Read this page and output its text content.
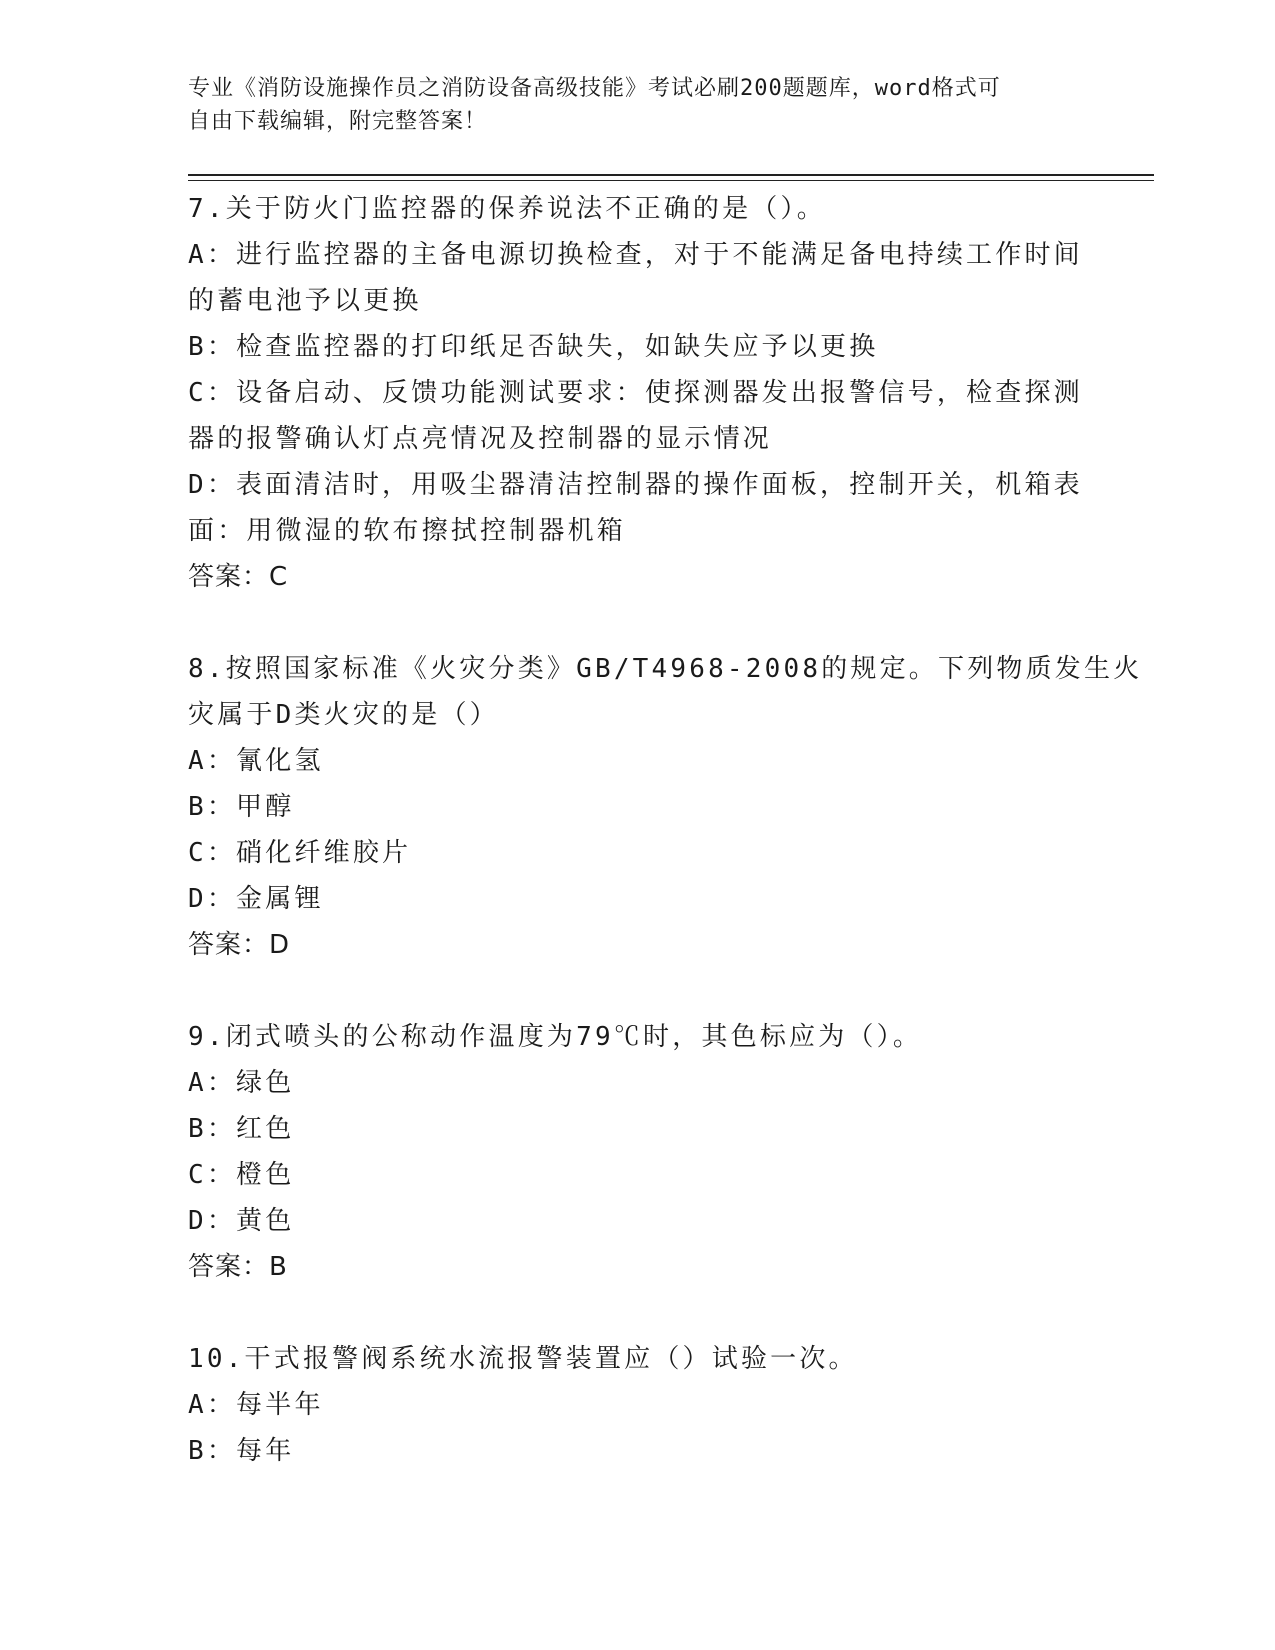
专业《消防设施操作员之消防设备高级技能》考试必刷200题题库，word格式可
自由下载编辑，附完整答案！
7.关于防火门监控器的保养说法不正确的是（）。
A：进行监控器的主备电源切换检查，对于不能满足备电持续工作时间
的蓄电池予以更换
B：检查监控器的打印纸足否缺失，如缺失应予以更换
C：设备启动、反馈功能测试要求：使探测器发出报警信号，检查探测
器的报警确认灯点亮情况及控制器的显示情况
D：表面清洁时，用吸尘器清洁控制器的操作面板，控制开关，机箱表
面：用微湿的软布擦拭控制器机箱
答案：C
8.按照国家标准《火灾分类》GB/T4968-2008的规定。下列物质发生火
灾属于D类火灾的是（）
A：氰化氢
B：甲醇
C：硝化纤维胶片
D：金属锂
答案：D
9.闭式喷头的公称动作温度为79℃时，其色标应为（）。
A：绿色
B：红色
C：橙色
D：黄色
答案：B
10.干式报警阀系统水流报警装置应（）试验一次。
A：每半年
B：每年
